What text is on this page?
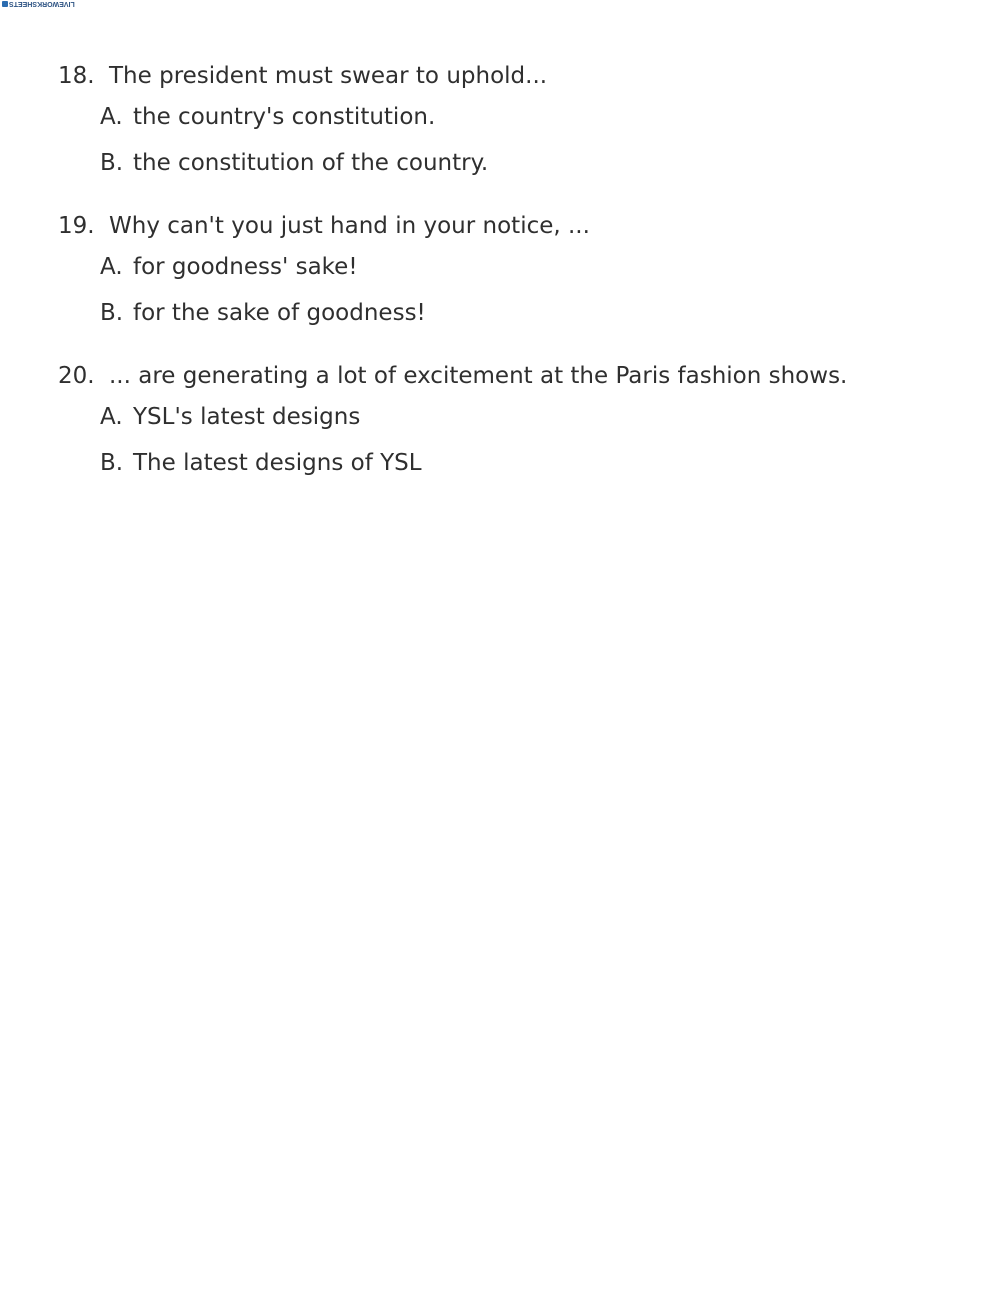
LIVEWORKSHEETS
18. The president must swear to uphold...
A. the country's constitution.
B. the constitution of the country.
19. Why can't you just hand in your notice, ...
A. for goodness' sake!
B. for the sake of goodness!
20. ... are generating a lot of excitement at the Paris fashion shows.
A. YSL's latest designs
B. The latest designs of YSL
